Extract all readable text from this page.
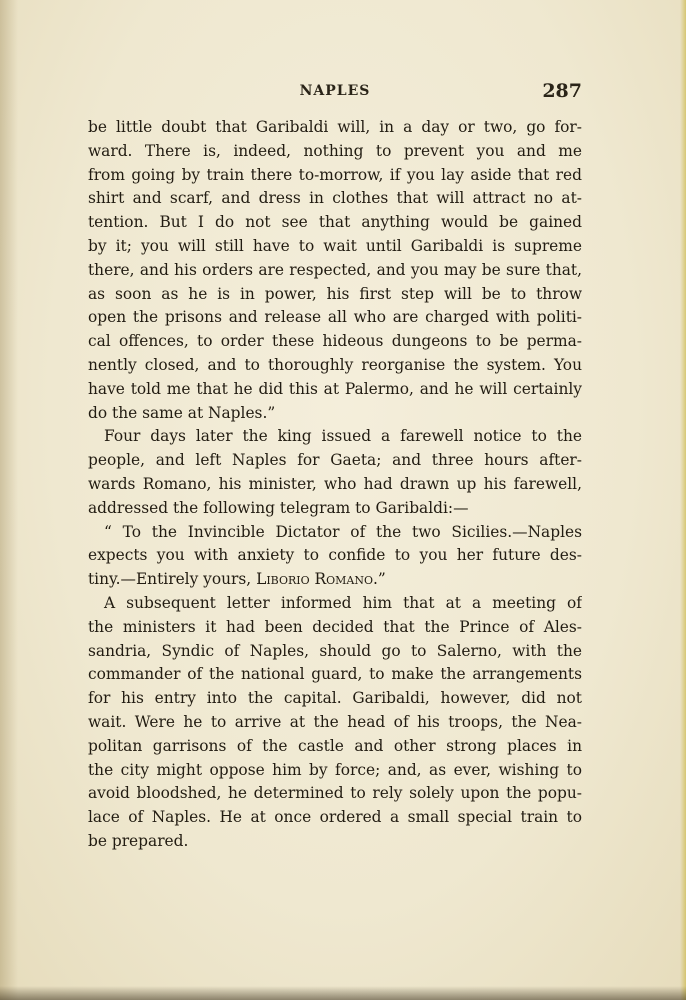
NAPLES	287
be little doubt that Garibaldi will, in a day or two, go for-
ward. There is, indeed, nothing to prevent you and me
from going by train there to-morrow, if you lay aside that red
shirt and scarf, and dress in clothes that will attract no at-
tention. But I do not see that anything would be gained
by it; you will still have to wait until Garibaldi is supreme
there, and his orders are respected, and you may be sure that,
as soon as he is in power, his first step will be to throw
open the prisons and release all who are charged with politi-
cal offences, to order these hideous dungeons to be perma-
nently closed, and to thoroughly reorganise the system. You
have told me that he did this at Palermo, and he will certainly
do the same at Naples.”
Four days later the king issued a farewell notice to the
people, and left Naples for Gaeta; and three hours after-
wards Romano, his minister, who had drawn up his farewell,
addressed the following telegram to Garibaldi:—
“ To the Invincible Dictator of the two Sicilies.—Naples
expects you with anxiety to confide to you her future des-
tiny.—Entirely yours, Liborio Romano.”
A subsequent letter informed him that at a meeting of
the ministers it had been decided that the Prince of Ales-
sandria, Syndic of Naples, should go to Salerno, with the
commander of the national guard, to make the arrangements
for his entry into the capital. Garibaldi, however, did not
wait. Were he to arrive at the head of his troops, the Nea-
politan garrisons of the castle and other strong places in
the city might oppose him by force; and, as ever, wishing to
avoid bloodshed, he determined to rely solely upon the popu-
lace of Naples. He at once ordered a small special train to
be prepared.
